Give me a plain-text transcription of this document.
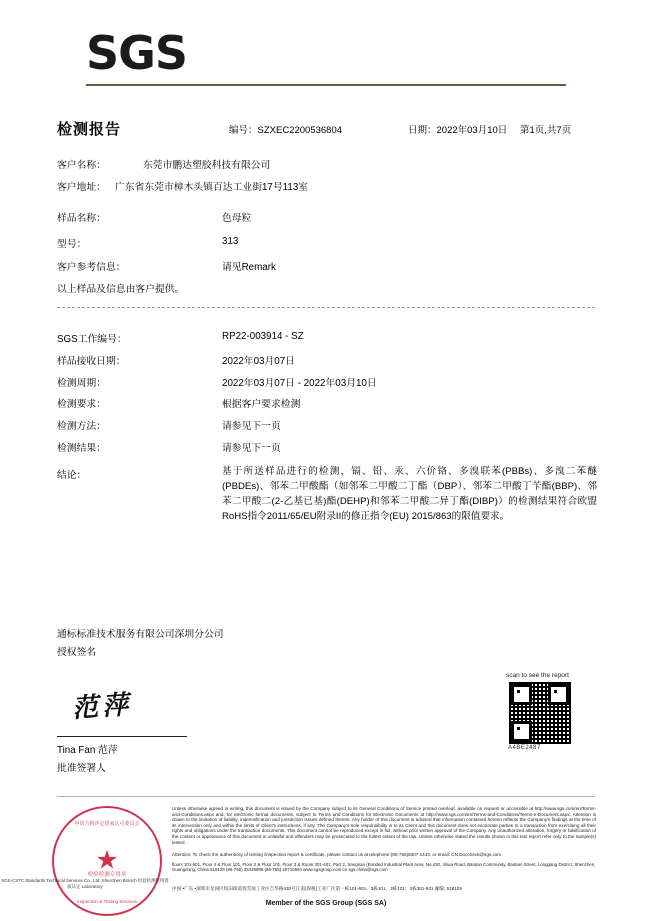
SGS
检测报告	编号：SZXEC2200536804	日期：2022年03月10日 第1页,共7页
客户名称：	东莞市鹏达塑胶科技有限公司
客户地址： 广东省东莞市樟木头镇百达工业街17号113室
样品名称：	色母粒
型号：	313
客户参考信息：	请见Remark
以上样品及信息由客户提供。
SGS工作编号：	RP22-003914 - SZ
样品接收日期：	2022年03月07日
检测周期：	2022年03月07日 - 2022年03月10日
检测要求：	根据客户要求检测
检测方法：	请参见下一页
检测结果：	请参见下一页
结论：	基于所送样品进行的检测，镉、铅、汞、六价铬、多溴联苯(PBBs)、多溴二苯醚(PBDEs)、邻苯二甲酸酯（如邻苯二甲酸二丁酯（DBP）、邻苯二甲酸丁苄酯(BBP)、邻苯二甲酸二(2-乙基已基)酯(DEHP)和邻苯二甲酸二异丁酯(DIBP)）的检测结果符合欧盟RoHS指令2011/65/EU附录II的修正指令(EU) 2015/863的限值要求。
通标标准技术服务有限公司深圳分公司
授权签名
范萍
Tina Fan 范萍
批准签署人
scan to see the report
A4BE2487
Unless otherwise agreed in writing, this document is issued by the Company subject to its General Conditions of Service printed overleaf, available on request or accessible at http://www.sgs.com/en/Terms-and-Conditions.aspx and, for electronic format documents, subject to Terms and Conditions for Electronic Documents at http://www.sgs.com/en/Terms-and-Conditions/Terms-e-Document.aspx. Attention is drawn to the limitation of liability, indemnification and jurisdiction issues defined therein. Any holder of this document is advised that information contained hereon reflects the Company's findings at the time of its intervention only and within the limits of Client's instructions, if any. The Company's sole responsibility is to its Client and this document does not exonerate parties to a transaction from exercising all their rights and obligations under the transaction documents. This document cannot be reproduced except in full, without prior written approval of the Company. Any unauthorized alteration, forgery or falsification of the content or appearance of this document is unlawful and offenders may be prosecuted to the fullest extent of the law. Unless otherwise stated the results shown in this test report refer only to the sample(s) tested .
Attention: To check the authenticity of testing /inspection report & certificate, please contact us at telephone:(86-755)8307 1443, or email: CN.Doccheck@sgs.com
floors 101-601, Floor 4 & Floor 101, Floor 2 & Floor 101, Floor 3 & Room 301-401, Part 2, Jiangnan (Bonded Industrial Plant Area, No.430, Jihua Road, Bantian Community, Bantian Street, Longgang District, Shenzhen, Guangdong, China 518129 (86-755) 25328888 (86-755) 26710594 www.sgsgroup.com.cn sgs.china@sgs.com
中国 •广东 •深圳市龙岗区坂田街道坂雪岗工业区吉华路430号江南(保税)工业厂区第一栋101-601、3栋101、3栋101、3栋301-501 邮编: 518129
Member of the SGS Group (SGS SA)
中国合格评定国家认可委员会
★
检验检测专用章
Inspection & Testing Services
SGS-CSTC Standards Technical Services Co., Ltd. Shenzhen Branch 检验检测机构资质认定 Laboratory
